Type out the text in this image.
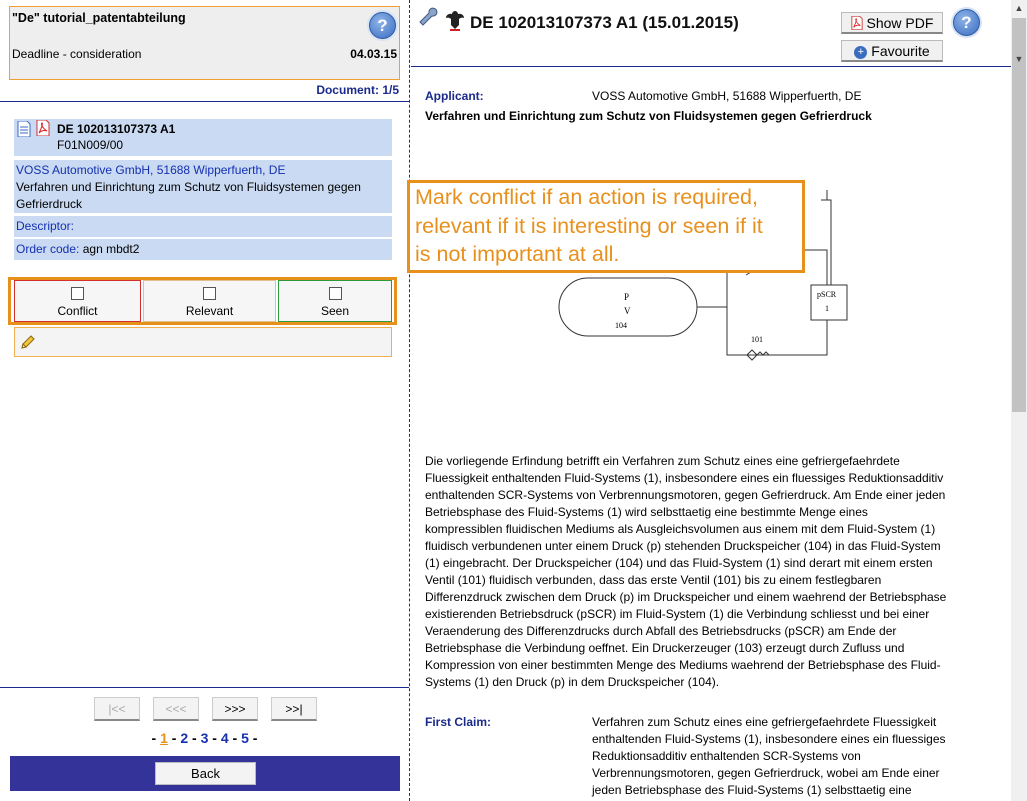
"De" tutorial_patentabteilung	?
Deadline - consideration	04.03.15
Document: 1/5
DE 102013107373 A1
F01N009/00
VOSS Automotive GmbH, 51688 Wipperfuerth, DE
Verfahren und Einrichtung zum Schutz von Fluidsystemen gegen Gefrierdruck
Descriptor:
Order code: agn mbdt2
Conflict	Relevant	Seen
|<<	<<<	>>>	>>|
- 1 - 2 - 3 - 4 - 5 -
Back
DE 102013107373 A1 (15.01.2015)	Show PDF
+ Favourite
?
▲
▼
Applicant:	VOSS Automotive GmbH, 51688 Wipperfuerth, DE
Verfahren und Einrichtung zum Schutz von Fluidsystemen gegen Gefrierdruck
P
V
104
pSCR
1
101
Die vorliegende Erfindung betrifft ein Verfahren zum Schutz eines eine gefriergefaehrdete
Fluessigkeit enthaltenden Fluid-Systems (1), insbesondere eines ein fluessiges Reduktionsadditiv
enthaltenden SCR-Systems von Verbrennungsmotoren, gegen Gefrierdruck. Am Ende einer jeden
Betriebsphase des Fluid-Systems (1) wird selbsttaetig eine bestimmte Menge eines
kompressiblen fluidischen Mediums als Ausgleichsvolumen aus einem mit dem Fluid-System (1)
fluidisch verbundenen unter einem Druck (p) stehenden Druckspeicher (104) in das Fluid-System
(1) eingebracht. Der Druckspeicher (104) und das Fluid-System (1) sind derart mit einem ersten
Ventil (101) fluidisch verbunden, dass das erste Ventil (101) bis zu einem festlegbaren
Differenzdruck zwischen dem Druck (p) im Druckspeicher und einem waehrend der Betriebsphase
existierenden Betriebsdruck (pSCR) im Fluid-System (1) die Verbindung schliesst und bei einer
Veraenderung des Differenzdrucks durch Abfall des Betriebsdrucks (pSCR) am Ende der
Betriebsphase die Verbindung oeffnet. Ein Druckerzeuger (103) erzeugt durch Zufluss und
Kompression von einer bestimmten Menge des Mediums waehrend der Betriebsphase des Fluid-
Systems (1) den Druck (p) in dem Druckspeicher (104).
First Claim:	Verfahren zum Schutz eines eine gefriergefaehrdete Fluessigkeit
enthaltenden Fluid-Systems (1), insbesondere eines ein fluessiges
Reduktionsadditiv enthaltenden SCR-Systems von
Verbrennungsmotoren, gegen Gefrierdruck, wobei am Ende einer
jeden Betriebsphase des Fluid-Systems (1) selbsttaetig eine
Mark conflict if an action is required,
relevant if it is interesting or seen if it
is not important at all.
